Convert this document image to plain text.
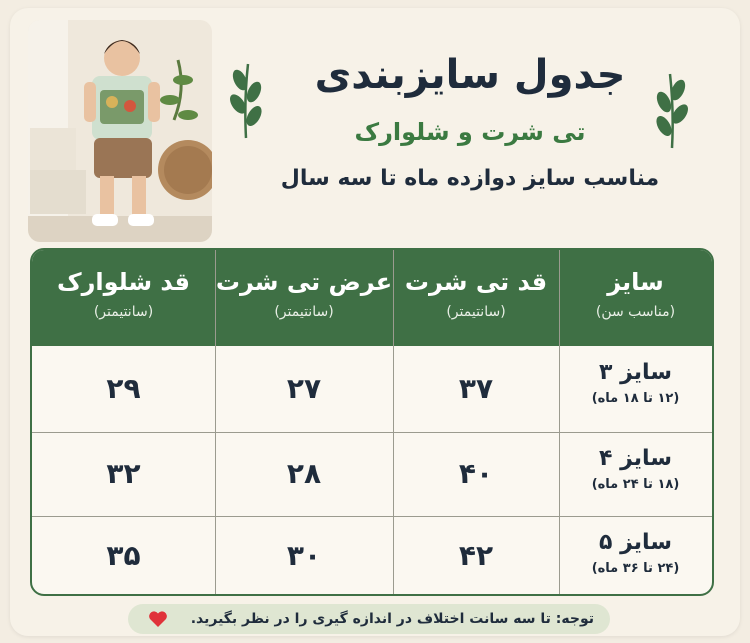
جدول سایزبندی
تی شرت و شلوارک
مناسب سایز دوازده ماه تا سه سال
سایز
(مناسب سن)
قد تی شرت
(سانتیمتر)
عرض تی شرت
(سانتیمتر)
قد شلوارک
(سانتیمتر)
سایز ۳
(۱۲ تا ۱۸ ماه)
۳۷
۲۷
۲۹
سایز ۴
(۱۸ تا ۲۴ ماه)
۴۰
۲۸
۳۲
سایز ۵
(۲۴ تا ۳۶ ماه)
۴۲
۳۰
۳۵
توجه: تا سه سانت اختلاف در اندازه گیری را در نظر بگیرید.
